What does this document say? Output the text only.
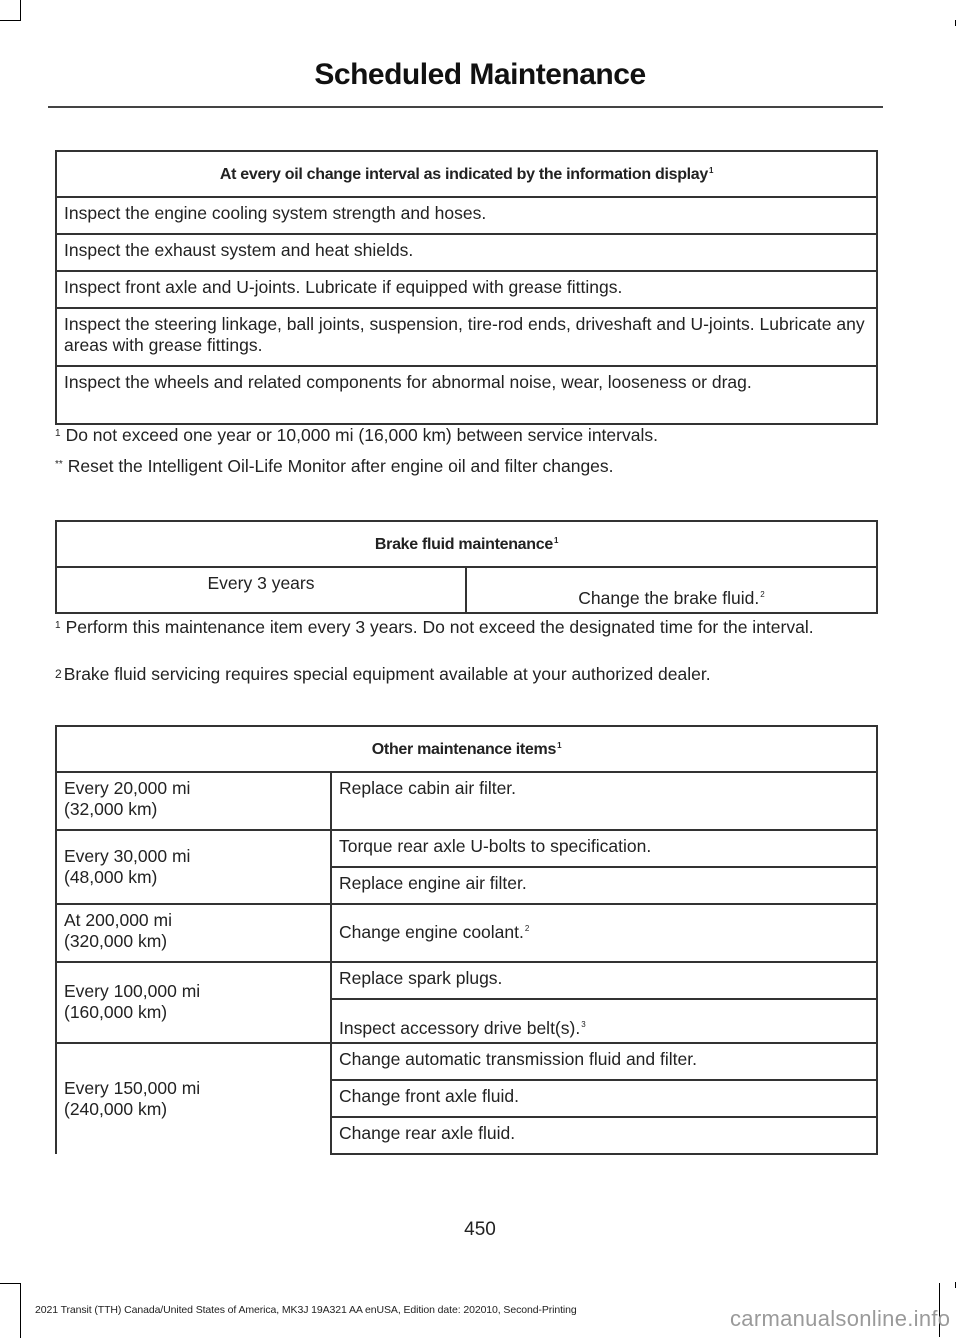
Scheduled Maintenance
At every oil change interval as indicated by the information display$^1$
Inspect the engine cooling system strength and hoses.
Inspect the exhaust system and heat shields.
Inspect front axle and U-joints. Lubricate if equipped with grease fittings.
Inspect the steering linkage, ball joints, suspension, tire-rod ends, driveshaft and U-joints. Lubricate any areas with grease fittings.
Inspect the wheels and related components for abnormal noise, wear, looseness or drag.
$^1$ Do not exceed one year or 10,000 mi (16,000 km) between service intervals.
** Reset the Intelligent Oil-Life Monitor after engine oil and filter changes.
Brake fluid maintenance$^1$
Every 3 years	Change the brake fluid.$^2$
$^1$ Perform this maintenance item every 3 years. Do not exceed the designated time for the interval.
$^2$ Brake fluid servicing requires special equipment available at your authorized dealer.
Other maintenance items$^1$
Every 20,000 mi
(32,000 km)	Replace cabin air filter.
Every 30,000 mi
(48,000 km)	Torque rear axle U-bolts to specification.
	Replace engine air filter.
At 200,000 mi
(320,000 km)	Change engine coolant.$^2$
Every 100,000 mi
(160,000 km)	Replace spark plugs.
	Inspect accessory drive belt(s).$^3$
Every 150,000 mi
(240,000 km)	Change automatic transmission fluid and filter.
	Change front axle fluid.
	Change rear axle fluid.
450
2021 Transit (TTH) Canada/United States of America, MK3J 19A321 AA enUSA, Edition date: 202010, Second-Printing	carmanualsonline.info
